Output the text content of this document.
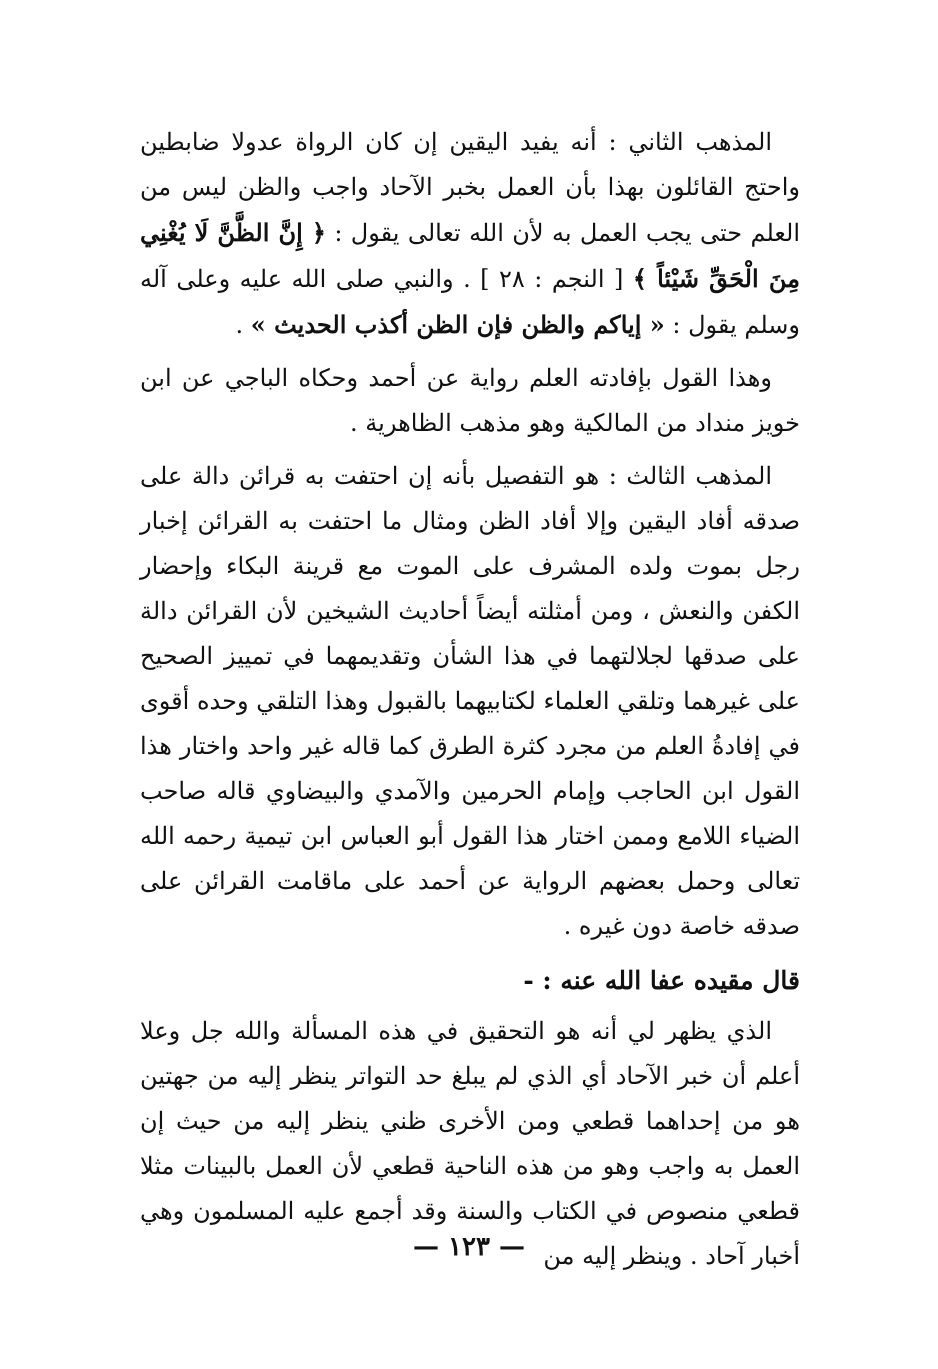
المذهب الثاني : أنه يفيد اليقين إن كان الرواة عدولا ضابطين واحتج القائلون بهذا بأن العمل بخبر الآحاد واجب والظن ليس من العلم حتى يجب العمل به لأن الله تعالى يقول : ﴿ إِنَّ الظَّنَّ لَا يُغْنِي مِنَ الْحَقِّ شَيْئاً ﴾ [ النجم : ٢٨ ] . والنبي صلى الله عليه وعلى آله وسلم يقول : « إياكم والظن فإن الظن أكذب الحديث » .

وهذا القول بإفادته العلم رواية عن أحمد وحكاه الباجي عن ابن خويز منداد من المالكية وهو مذهب الظاهرية .

المذهب الثالث : هو التفصيل بأنه إن احتفت به قرائن دالة على صدقه أفاد اليقين وإلا أفاد الظن ومثال ما احتفت به القرائن إخبار رجل بموت ولده المشرف على الموت مع قرينة البكاء وإحضار الكفن والنعش ، ومن أمثلته أيضاً أحاديث الشيخين لأن القرائن دالة على صدقها لجلالتهما في هذا الشأن وتقديمهما في تمييز الصحيح على غيرهما وتلقي العلماء لكتابيهما بالقبول وهذا التلقي وحده أقوى في إفادةُ العلم من مجرد كثرة الطرق كما قاله غير واحد واختار هذا القول ابن الحاجب وإمام الحرمين والآمدي والبيضاوي قاله صاحب الضياء اللامع وممن اختار هذا القول أبو العباس ابن تيمية رحمه الله تعالى وحمل بعضهم الرواية عن أحمد على ماقامت القرائن على صدقه خاصة دون غيره .

قال مقيده عفا الله عنه : -

الذي يظهر لي أنه هو التحقيق في هذه المسألة والله جل وعلا أعلم أن خبر الآحاد أي الذي لم يبلغ حد التواتر ينظر إليه من جهتين هو من إحداهما قطعي ومن الأخرى ظني ينظر إليه من حيث إن العمل به واجب وهو من هذه الناحية قطعي لأن العمل بالبينات مثلا قطعي منصوص في الكتاب والسنة وقد أجمع عليه المسلمون وهي أخبار آحاد . وينظر إليه من

— ١٢٣ —
